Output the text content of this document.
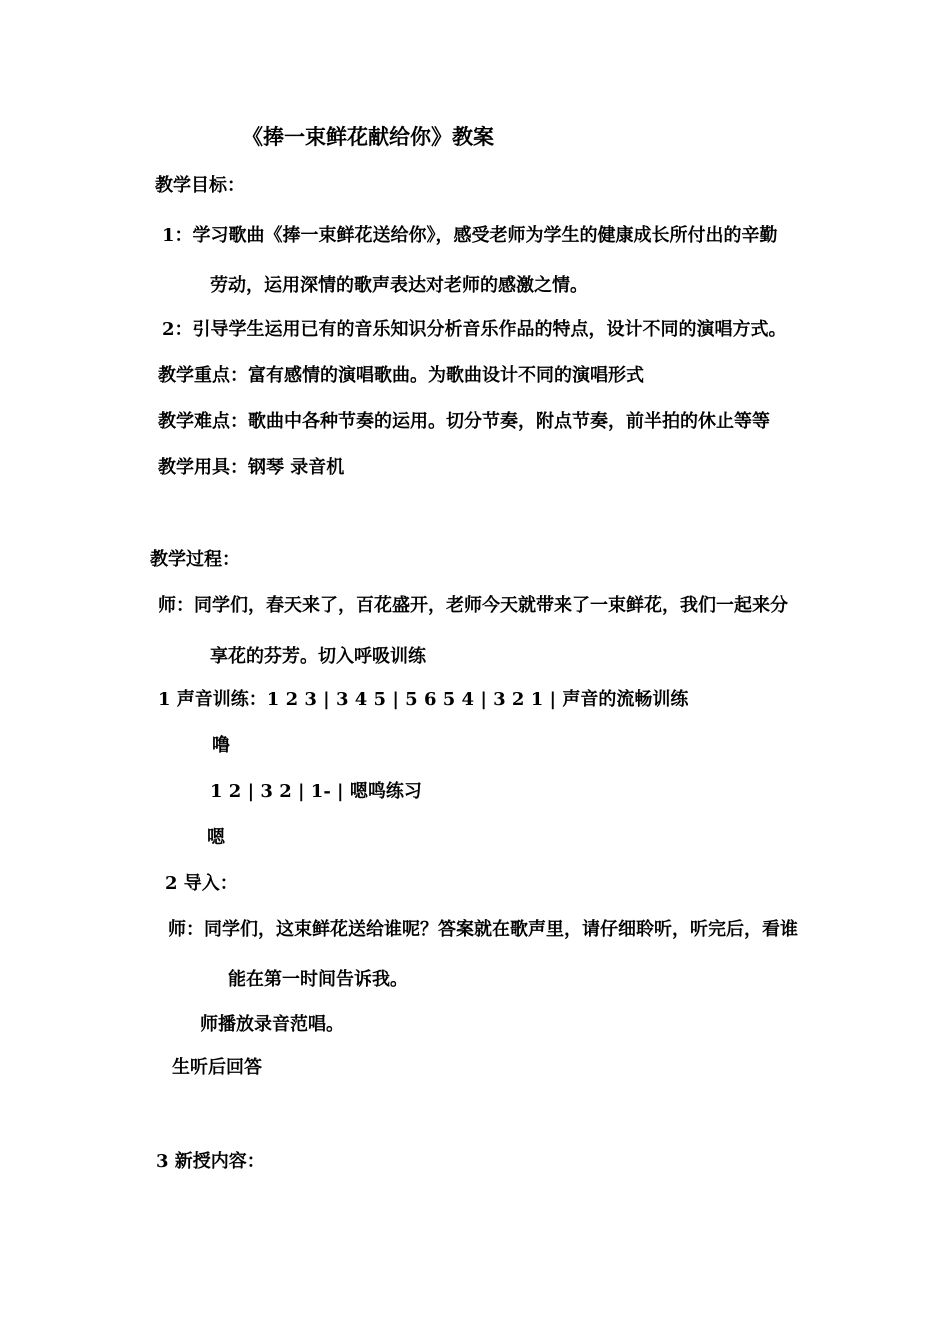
《捧一束鲜花献给你》教案
教学目标：
1：学习歌曲《捧一束鲜花送给你》，感受老师为学生的健康成长所付出的辛勤
劳动，运用深情的歌声表达对老师的感激之情。
2：引导学生运用已有的音乐知识分析音乐作品的特点，设计不同的演唱方式。
教学重点：富有感情的演唱歌曲。为歌曲设计不同的演唱形式
教学难点：歌曲中各种节奏的运用。切分节奏，附点节奏，前半拍的休止等等
教学用具：钢琴 录音机
教学过程：
师：同学们，春天来了，百花盛开，老师今天就带来了一束鲜花，我们一起来分
享花的芬芳。切入呼吸训练
1 声音训练：1 2 3 | 3 4 5 | 5 6 5 4 | 3 2 1 | 声音的流畅训练
噜
1 2 | 3 2 | 1- | 嗯鸣练习
嗯
2 导入：
师：同学们，这束鲜花送给谁呢？答案就在歌声里，请仔细聆听，听完后，看谁
能在第一时间告诉我。
师播放录音范唱。
生听后回答
3 新授内容：
